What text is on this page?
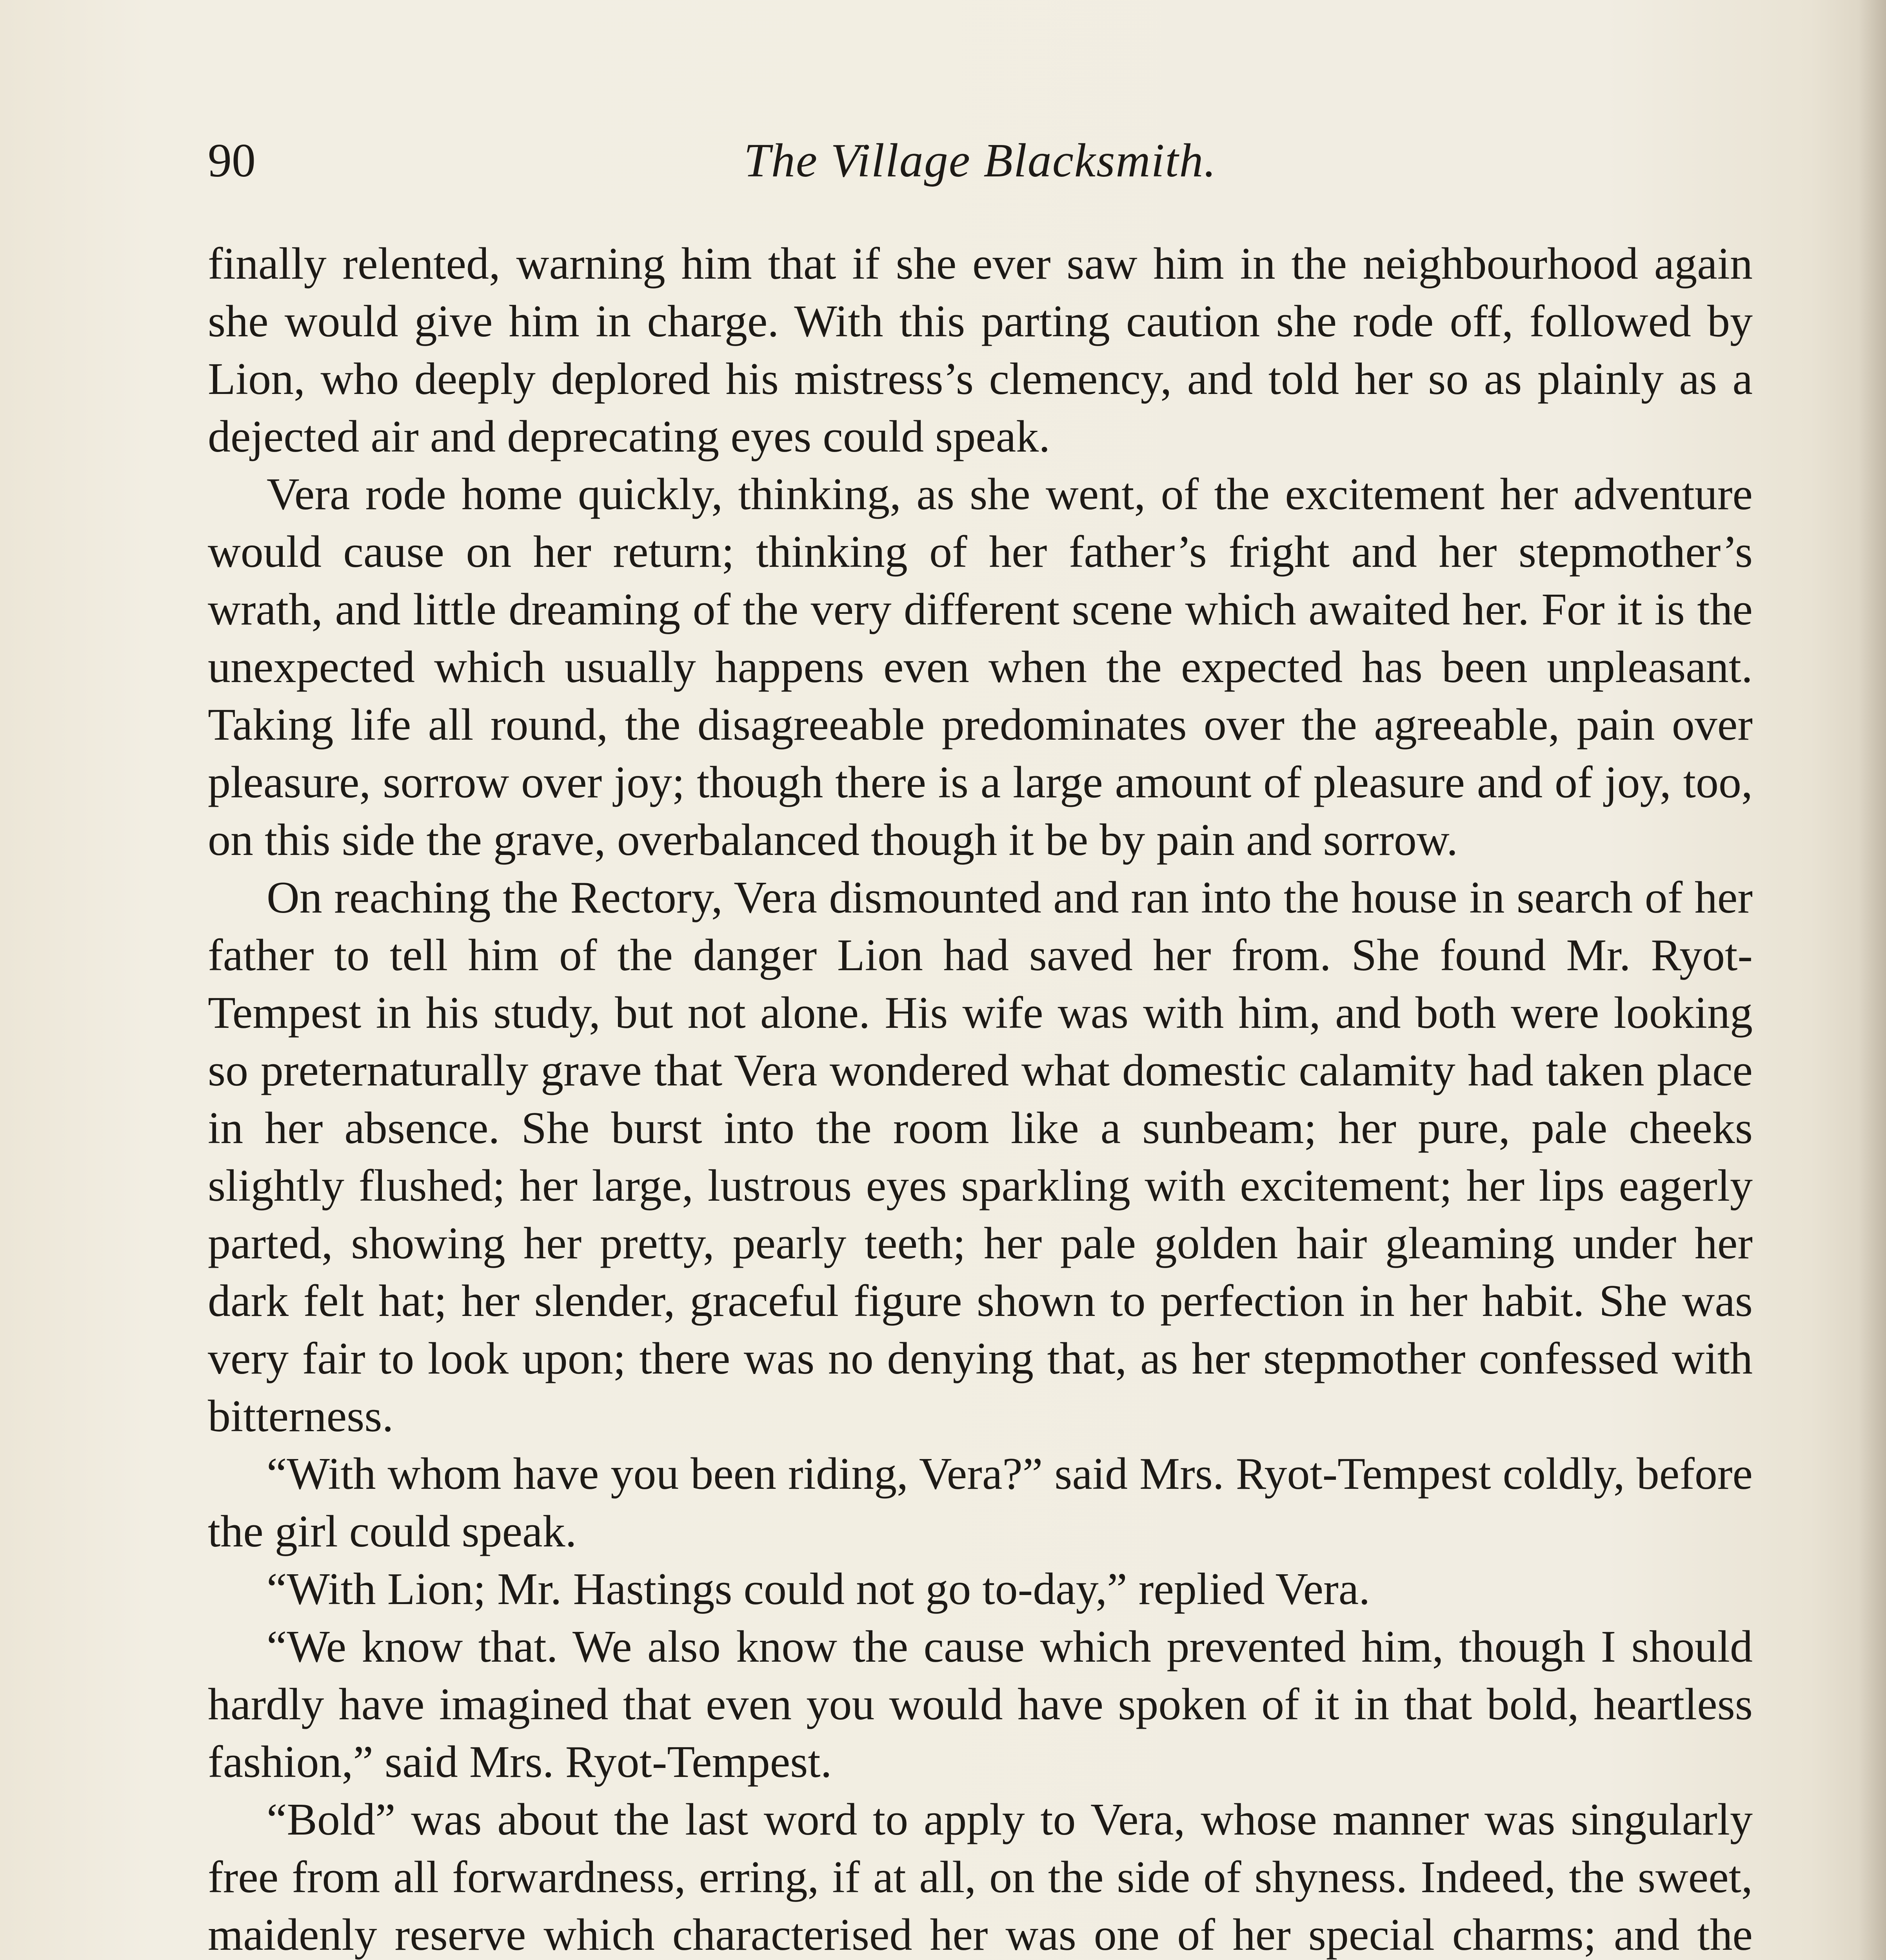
90	The Village Blacksmith.

finally relented, warning him that if she ever saw him in the neighbourhood again she would give him in charge. With this parting caution she rode off, followed by Lion, who deeply deplored his mistress’s clemency, and told her so as plainly as a dejected air and deprecating eyes could speak.

Vera rode home quickly, thinking, as she went, of the excitement her adventure would cause on her return; thinking of her father’s fright and her stepmother’s wrath, and little dreaming of the very different scene which awaited her. For it is the unexpected which usually happens even when the expected has been unpleasant. Taking life all round, the disagreeable predominates over the agreeable, pain over pleasure, sorrow over joy; though there is a large amount of pleasure and of joy, too, on this side the grave, overbalanced though it be by pain and sorrow.

On reaching the Rectory, Vera dismounted and ran into the house in search of her father to tell him of the danger Lion had saved her from. She found Mr. Ryot-Tempest in his study, but not alone. His wife was with him, and both were looking so preternaturally grave that Vera wondered what domestic calamity had taken place in her absence. She burst into the room like a sunbeam; her pure, pale cheeks slightly flushed; her large, lustrous eyes sparkling with excitement; her lips eagerly parted, showing her pretty, pearly teeth; her pale golden hair gleaming under her dark felt hat; her slender, graceful figure shown to perfection in her habit. She was very fair to look upon; there was no denying that, as her stepmother confessed with bitterness.

“With whom have you been riding, Vera?” said Mrs. Ryot-Tempest coldly, before the girl could speak.

“With Lion; Mr. Hastings could not go to-day,” replied Vera.

“We know that. We also know the cause which prevented him, though I should hardly have imagined that even you would have spoken of it in that bold, heartless fashion,” said Mrs. Ryot-Tempest.

“Bold” was about the last word to apply to Vera, whose manner was singularly free from all forwardness, erring, if at all, on the side of shyness. Indeed, the sweet, maidenly reserve which characterised her was one of her special charms; and the
